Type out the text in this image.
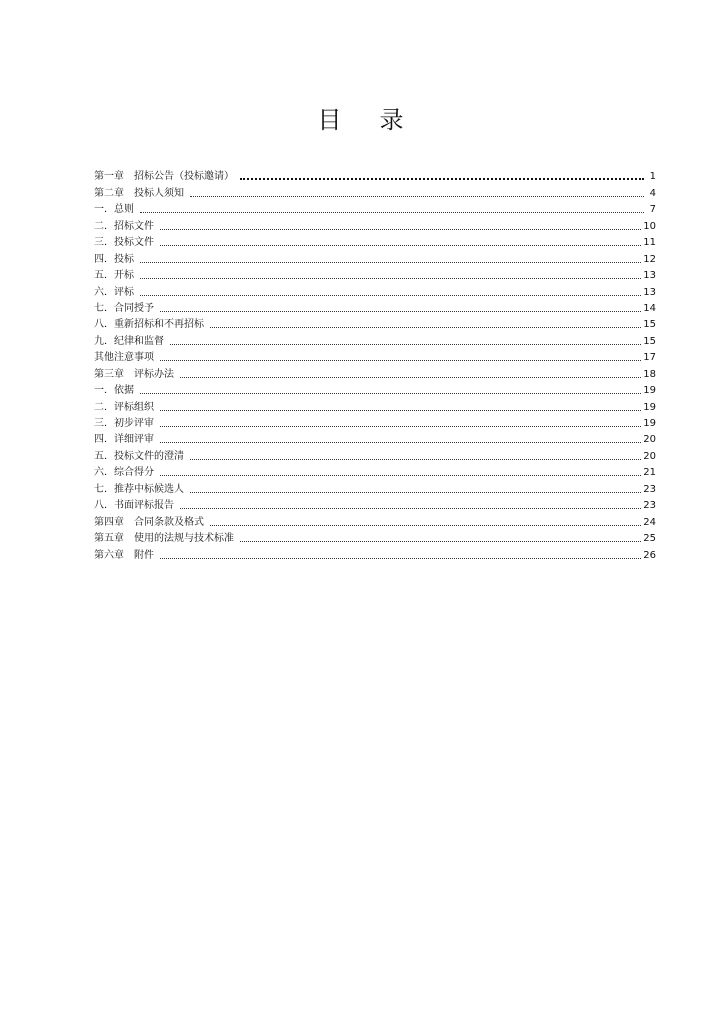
目 录
第一章　招标公告（投标邀请）	1
第二章　投标人须知	4
一．总则	7
二．招标文件	10
三．投标文件	11
四．投标	12
五．开标	13
六．评标	13
七．合同授予	14
八．重新招标和不再招标	15
九．纪律和监督	15
其他注意事项	17
第三章　评标办法	18
一．依据	19
二．评标组织	19
三．初步评审	19
四．详细评审	20
五．投标文件的澄清	20
六．综合得分	21
七．推荐中标候选人	23
八．书面评标报告	23
第四章　合同条款及格式	24
第五章　使用的法规与技术标准	25
第六章　附件	26
